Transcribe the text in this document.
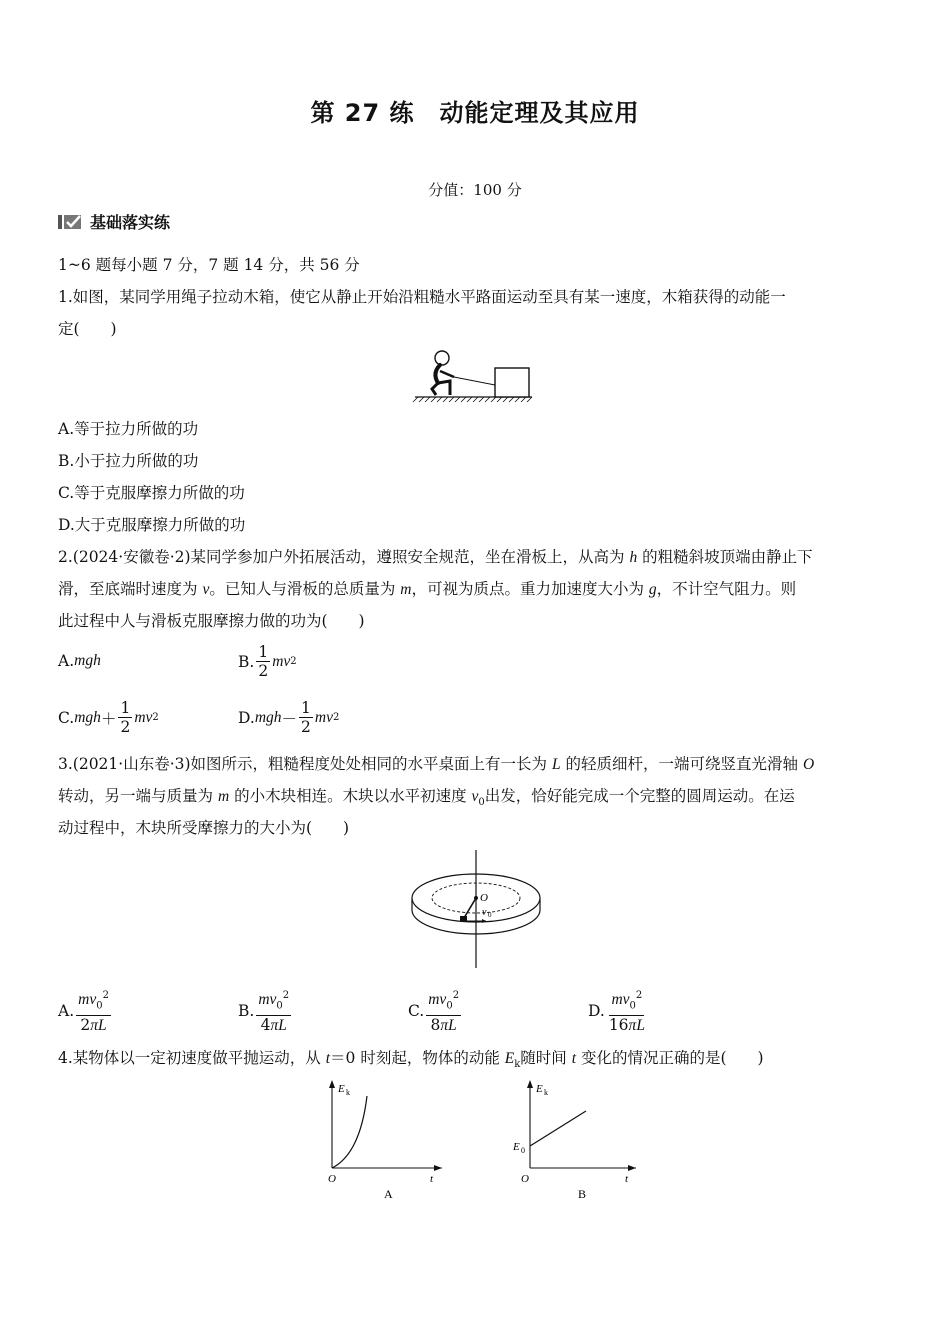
第 27 练　动能定理及其应用
分值：100 分
基础落实练
1~6 题每小题 7 分，7 题 14 分，共 56 分
1.如图，某同学用绳子拉动木箱，使它从静止开始沿粗糙水平路面运动至具有某一速度，木箱获得的动能一
定(　　)
A.等于拉力所做的功
B.小于拉力所做的功
C.等于克服摩擦力所做的功
D.大于克服摩擦力所做的功
2.(2024·安徽卷·2)某同学参加户外拓展活动，遵照安全规范，坐在滑板上，从高为 h 的粗糙斜坡顶端由静止下
滑，至底端时速度为 v。已知人与滑板的总质量为 m，可视为质点。重力加速度大小为 g，不计空气阻力。则
此过程中人与滑板克服摩擦力做的功为(　　)
A. mgh	B. $\frac{1}{2}$ mv 2
C. mgh ＋ $\frac{1}{2}$ mv 2	D. mgh － $\frac{1}{2}$ mv 2
3.(2021·山东卷·3)如图所示，粗糙程度处处相同的水平桌面上有一长为 L 的轻质细杆，一端可绕竖直光滑轴 O
转动，另一端与质量为 m 的小木块相连。木块以水平初速度 $v_0$出发，恰好能完成一个完整的圆周运动。在运
动过程中，木块所受摩擦力的大小为(　　)
O
v 0
A. $\frac{mv_0^2}{2\pi L}$	B. $\frac{mv_0^2}{4\pi L}$	C. $\frac{mv_0^2}{8\pi L}$	D. $\frac{mv_0^2}{16\pi L}$
4.某物体以一定初速度做平抛运动，从 t＝0 时刻起，物体的动能 $E_k$随时间 t 变化的情况正确的是(　　)
E k
O	t
A
E k
E 0
O	t
B
